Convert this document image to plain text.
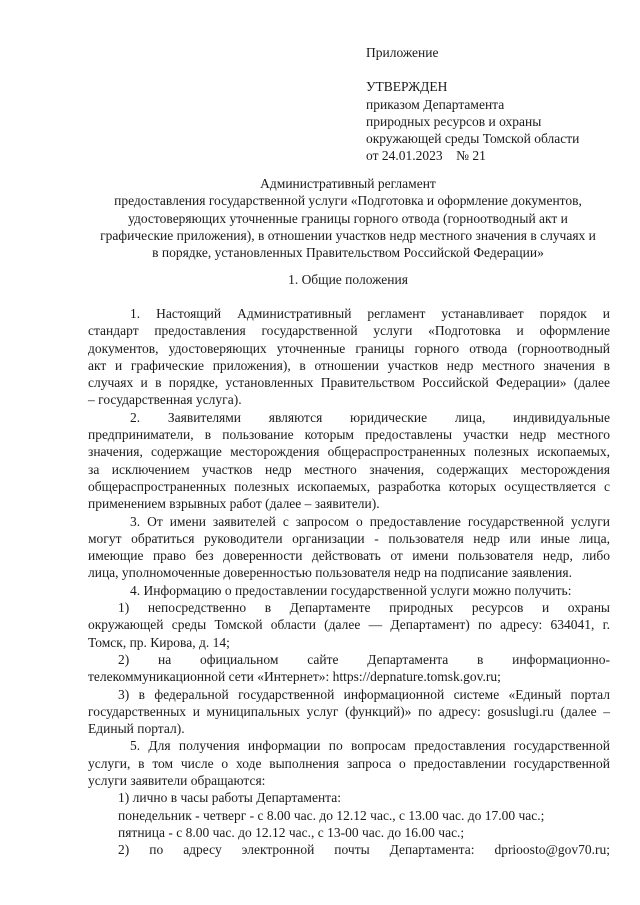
Приложение
УТВЕРЖДЕН
приказом Департамента
природных ресурсов и охраны
окружающей среды Томской области
от 24.01.2023    № 21
Административный регламент
предоставления государственной услуги «Подготовка и оформление документов,
удостоверяющих уточненные границы горного отвода (горноотводный акт и
графические приложения), в отношении участков недр местного значения в случаях и
в порядке, установленных Правительством Российской Федерации»
1. Общие положения
1. Настоящий Административный регламент устанавливает порядок и
стандарт предоставления государственной услуги «Подготовка и оформление
документов, удостоверяющих уточненные границы горного отвода (горноотводный
акт и графические приложения), в отношении участков недр местного значения в
случаях и в порядке, установленных Правительством Российской Федерации» (далее
– государственная услуга).
2. Заявителями являются юридические лица, индивидуальные
предприниматели, в пользование которым предоставлены участки недр местного
значения, содержащие месторождения общераспространенных полезных ископаемых,
за исключением участков недр местного значения, содержащих месторождения
общераспространенных полезных ископаемых, разработка которых осуществляется с
применением взрывных работ (далее – заявители).
3. От имени заявителей с запросом о предоставление государственной услуги
могут обратиться руководители организации - пользователя недр или иные лица,
имеющие право без доверенности действовать от имени пользователя недр, либо
лица, уполномоченные доверенностью пользователя недр на подписание заявления.
4. Информацию о предоставлении государственной услуги можно получить:
1) непосредственно в Департаменте природных ресурсов и охраны
окружающей среды Томской области (далее — Департамент) по адресу: 634041, г.
Томск, пр. Кирова, д. 14;
2) на официальном сайте Департамента в информационно-
телекоммуникационной сети «Интернет»: https://depnature.tomsk.gov.ru;
3) в федеральной государственной информационной системе «Единый портал
государственных и муниципальных услуг (функций)» по адресу: gosuslugi.ru (далее –
Единый портал).
5. Для получения информации по вопросам предоставления государственной
услуги, в том числе о ходе выполнения запроса о предоставлении государственной
услуги заявители обращаются:
1) лично в часы работы Департамента:
понедельник - четверг - с 8.00 час. до 12.12 час., с 13.00 час. до 17.00 час.;
пятница - с 8.00 час. до 12.12 час., с 13-00 час. до 16.00 час.;
2) по адресу электронной почты Департамента: dprioosto@gov70.ru;
